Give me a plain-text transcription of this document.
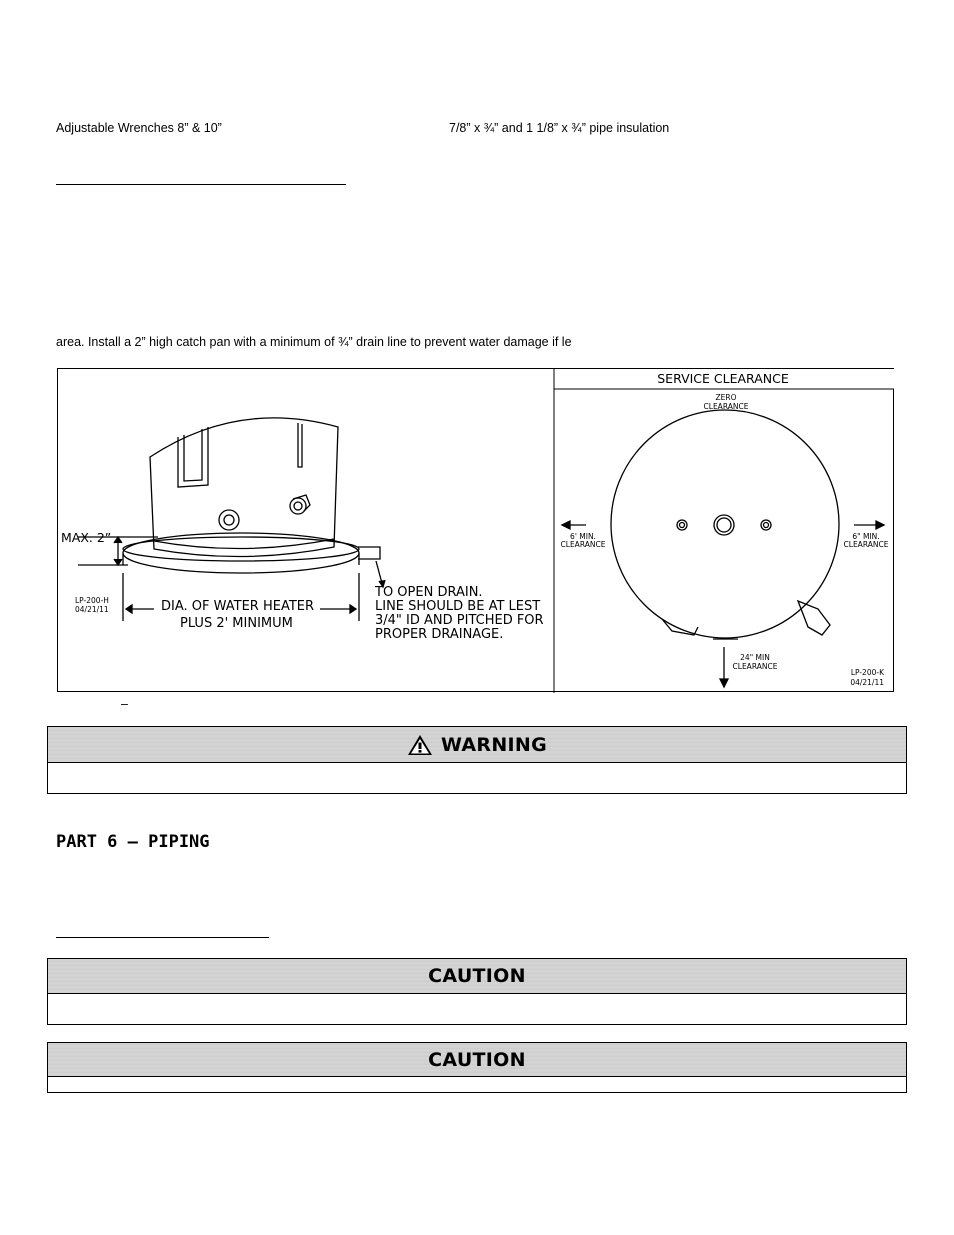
Adjustable Wrenches 8” & 10”	7/8” x ¾” and 1 1/8” x ¾” pipe insulation
area. Install a 2” high catch pan with a minimum of ¾” drain line to prevent water damage if le
MAX. 2”
LP-200-H
04/21/11	DIA. OF WATER HEATER
PLUS 2' MINIMUM
TO OPEN DRAIN.
LINE SHOULD BE AT LEST
3/4" ID AND PITCHED FOR
PROPER DRAINAGE.
SERVICE CLEARANCE
ZERO
CLEARANCE
6' MIN.
CLEARANCE
6" MIN.
CLEARANCE
24" MIN
CLEARANCE
LP-200-K
04/21/11
–
WARNING
PART 6 – PIPING
CAUTION
CAUTION
